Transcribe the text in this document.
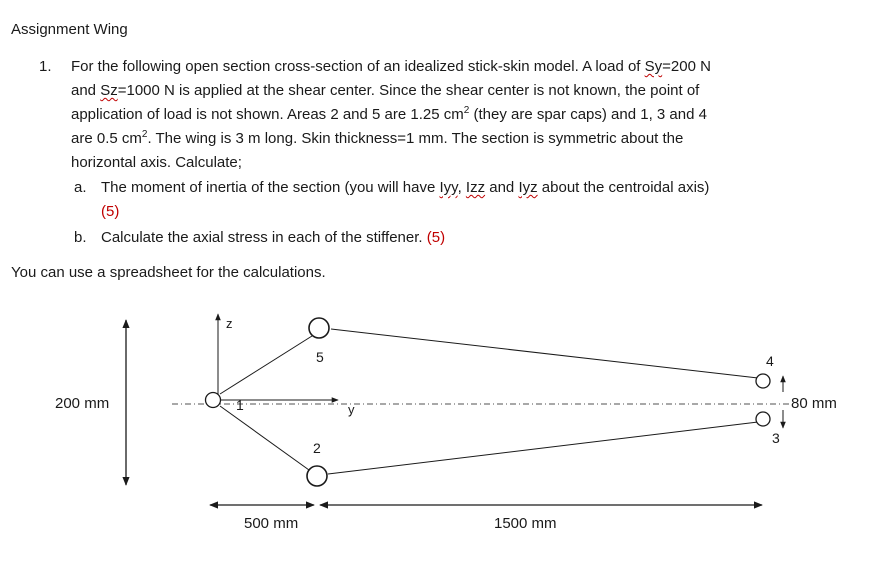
Assignment Wing
1. For the following open section cross-section of an idealized stick-skin model. A load of Sy=200 N
and Sz=1000 N is applied at the shear center. Since the shear center is not known, the point of
application of load is not shown. Areas 2 and 5 are 1.25 $cm^2$ (they are spar caps) and 1, 3 and 4
are 0.5 $cm^2$. The wing is 3 m long. Skin thickness=1 mm. The section is symmetric about the
horizontal axis. Calculate;
a. The moment of inertia of the section (you will have Iyy, Izz and Iyz about the centroidal axis)
(5)
b. Calculate the axial stress in each of the stiffener. (5)
You can use a spreadsheet for the calculations.
200 mm	y
z
1
5
2
4
3
80 mm
500 mm	1500 mm
